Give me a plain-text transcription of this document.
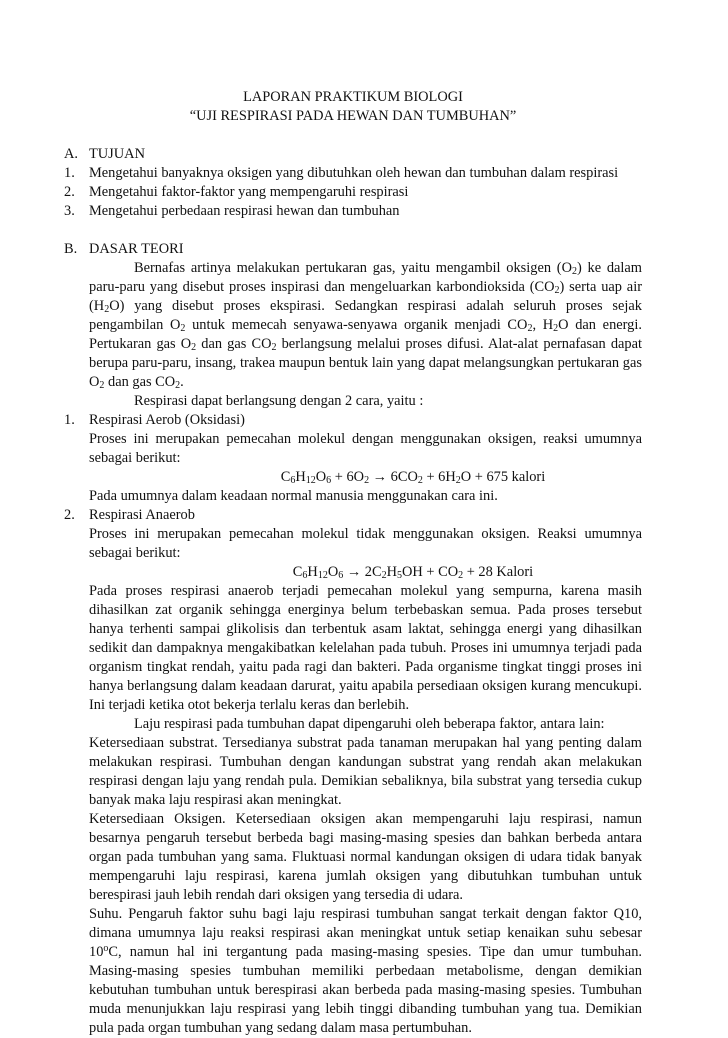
LAPORAN PRAKTIKUM BIOLOGI

“UJI RESPIRASI PADA HEWAN DAN TUMBUHAN”

A. TUJUAN
1. Mengetahui banyaknya oksigen yang dibutuhkan oleh hewan dan tumbuhan dalam respirasi
2. Mengetahui faktor-faktor yang mempengaruhi respirasi
3. Mengetahui perbedaan respirasi hewan dan tumbuhan
B. DASAR TEORI

Bernafas artinya melakukan pertukaran gas, yaitu mengambil oksigen $(O_2)$ ke dalam paru-paru yang disebut proses inspirasi dan mengeluarkan karbondioksida $(CO_2)$ serta uap air $(H_2O)$ yang disebut proses ekspirasi. Sedangkan respirasi adalah seluruh proses sejak pengambilan $O_2$ untuk memecah senyawa-senyawa organik menjadi $CO_2$, $H_2O$ dan energi. Pertukaran gas $O_2$ dan gas $CO_2$ berlangsung melalui proses difusi. Alat-alat pernafasan dapat berupa paru-paru, insang, trakea maupun bentuk lain yang dapat melangsungkan pertukaran gas $O_2$ dan gas $CO_2$.

Respirasi dapat berlangsung dengan 2 cara, yaitu :

1. Respirasi Aerob (Oksidasi)

Proses ini merupakan pemecahan molekul dengan menggunakan oksigen, reaksi umumnya sebagai berikut:

$C_6H_{12}O_6 + 6O_2 \to 6CO_2 + 6H_2O + 675$ kalori

Pada umumnya dalam keadaan normal manusia menggunakan cara ini.

2. Respirasi Anaerob

Proses ini merupakan pemecahan molekul tidak menggunakan oksigen. Reaksi umumnya sebagai berikut:

$C_6H_{12}O_6 \to 2C_2H_5OH + CO_2 + 28$ Kalori

Pada proses respirasi anaerob terjadi pemecahan molekul yang sempurna, karena masih dihasilkan zat organik sehingga energinya belum terbebaskan semua. Pada proses tersebut hanya terhenti sampai glikolisis dan terbentuk asam laktat, sehingga energi yang dihasilkan sedikit dan dampaknya mengakibatkan kelelahan pada tubuh. Proses ini umumnya terjadi pada organism tingkat rendah, yaitu pada ragi dan bakteri. Pada organisme tingkat tinggi proses ini hanya berlangsung dalam keadaan darurat, yaitu apabila persediaan oksigen kurang mencukupi. Ini terjadi ketika otot bekerja terlalu keras dan berlebih.

Laju respirasi pada tumbuhan dapat dipengaruhi oleh beberapa faktor, antara lain:

Ketersediaan substrat. Tersedianya substrat pada tanaman merupakan hal yang penting dalam melakukan respirasi. Tumbuhan dengan kandungan substrat yang rendah akan melakukan respirasi dengan laju yang rendah pula. Demikian sebaliknya, bila substrat yang tersedia cukup banyak maka laju respirasi akan meningkat.

Ketersediaan Oksigen. Ketersediaan oksigen akan mempengaruhi laju respirasi, namun besarnya pengaruh tersebut berbeda bagi masing-masing spesies dan bahkan berbeda antara organ pada tumbuhan yang sama. Fluktuasi normal kandungan oksigen di udara tidak banyak mempengaruhi laju respirasi, karena jumlah oksigen yang dibutuhkan tumbuhan untuk berespirasi jauh lebih rendah dari oksigen yang tersedia di udara.

Suhu. Pengaruh faktor suhu bagi laju respirasi tumbuhan sangat terkait dengan faktor Q10, dimana umumnya laju reaksi respirasi akan meningkat untuk setiap kenaikan suhu sebesar 10$^o$C, namun hal ini tergantung pada masing-masing spesies. Tipe dan umur tumbuhan. Masing-masing spesies tumbuhan memiliki perbedaan metabolisme, dengan demikian kebutuhan tumbuhan untuk berespirasi akan berbeda pada masing-masing spesies. Tumbuhan muda menunjukkan laju respirasi yang lebih tinggi dibanding tumbuhan yang tua. Demikian pula pada organ tumbuhan yang sedang dalam masa pertumbuhan.
